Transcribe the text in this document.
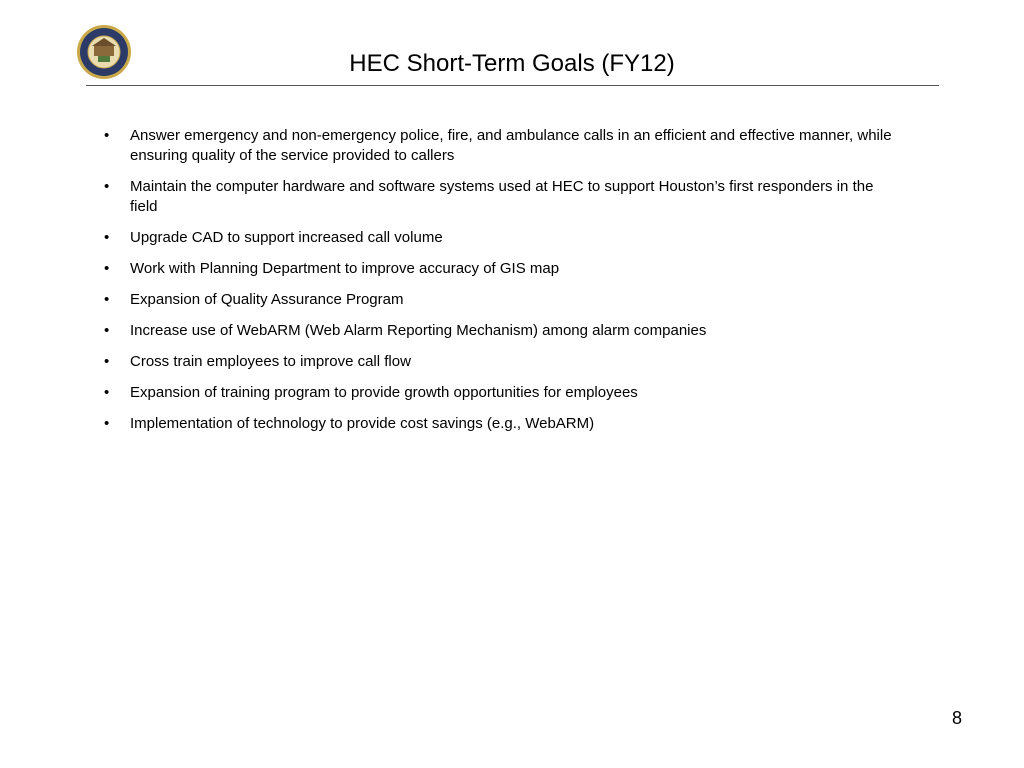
HEC Short-Term Goals (FY12)
• Answer emergency and non-emergency police, fire, and ambulance calls in an efficient and effective manner, while ensuring quality of the service provided to callers
• Maintain the computer hardware and software systems used at HEC to support Houston’s first responders in the field
• Upgrade CAD to support increased call volume
• Work with Planning Department to improve accuracy of GIS map
• Expansion of Quality Assurance Program
• Increase use of WebARM (Web Alarm Reporting Mechanism) among alarm companies
• Cross train employees to improve call flow
• Expansion of training program to provide growth opportunities for employees
• Implementation of technology to provide cost savings (e.g., WebARM)
8
